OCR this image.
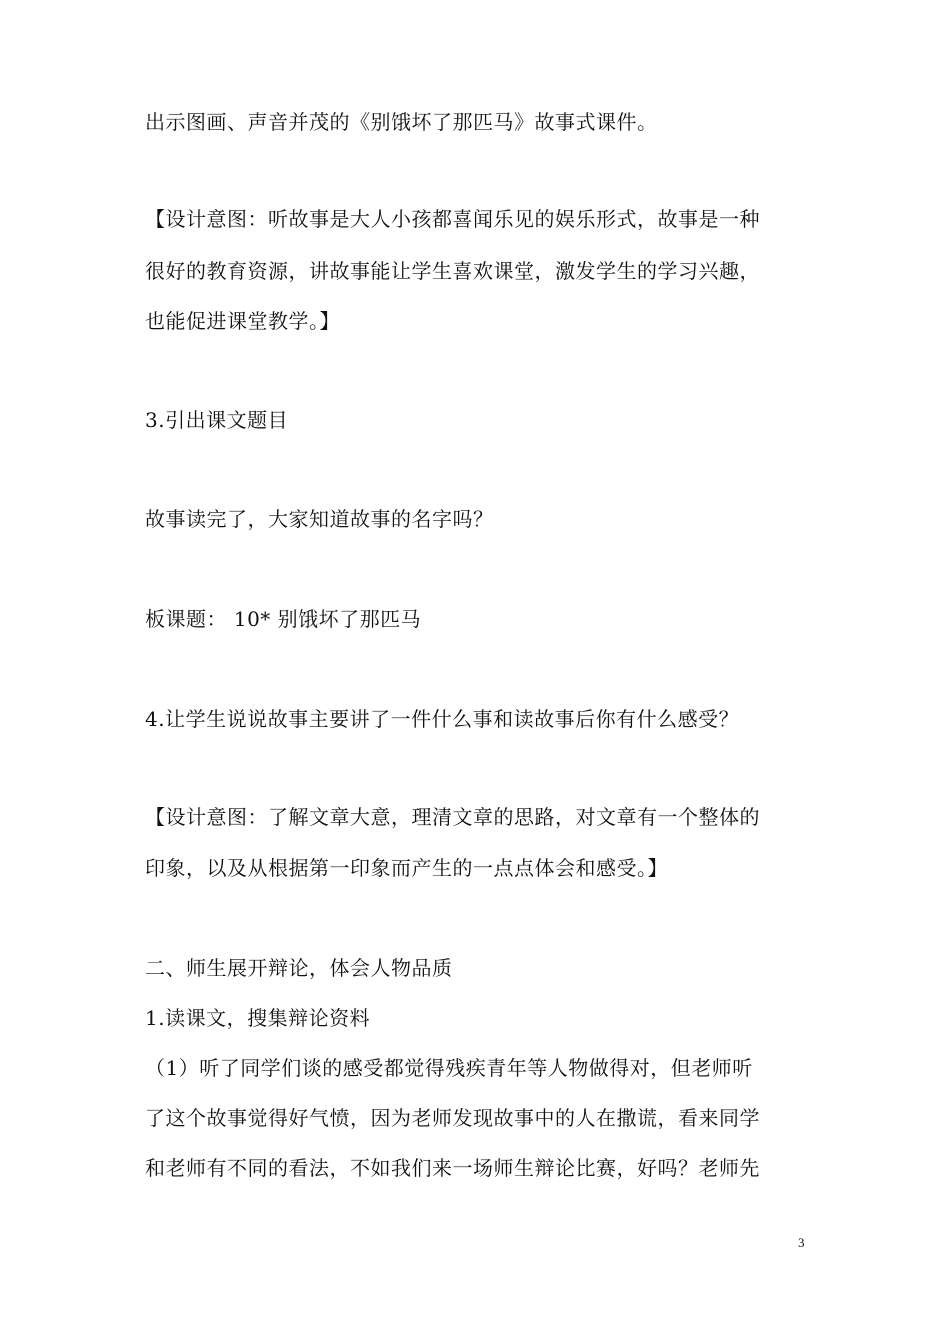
出示图画、声音并茂的《别饿坏了那匹马》故事式课件。
【设计意图：听故事是大人小孩都喜闻乐见的娱乐形式，故事是一种
很好的教育资源，讲故事能让学生喜欢课堂，激发学生的学习兴趣，
也能促进课堂教学。】
3.引出课文题目
故事读完了，大家知道故事的名字吗？
板课题： 10* 别饿坏了那匹马
4.让学生说说故事主要讲了一件什么事和读故事后你有什么感受？
【设计意图：了解文章大意，理清文章的思路，对文章有一个整体的
印象，以及从根据第一印象而产生的一点点体会和感受。】
二、师生展开辩论，体会人物品质
1.读课文，搜集辩论资料
（1）听了同学们谈的感受都觉得残疾青年等人物做得对，但老师听
了这个故事觉得好气愤，因为老师发现故事中的人在撒谎，看来同学
和老师有不同的看法，不如我们来一场师生辩论比赛，好吗？老师先
3
